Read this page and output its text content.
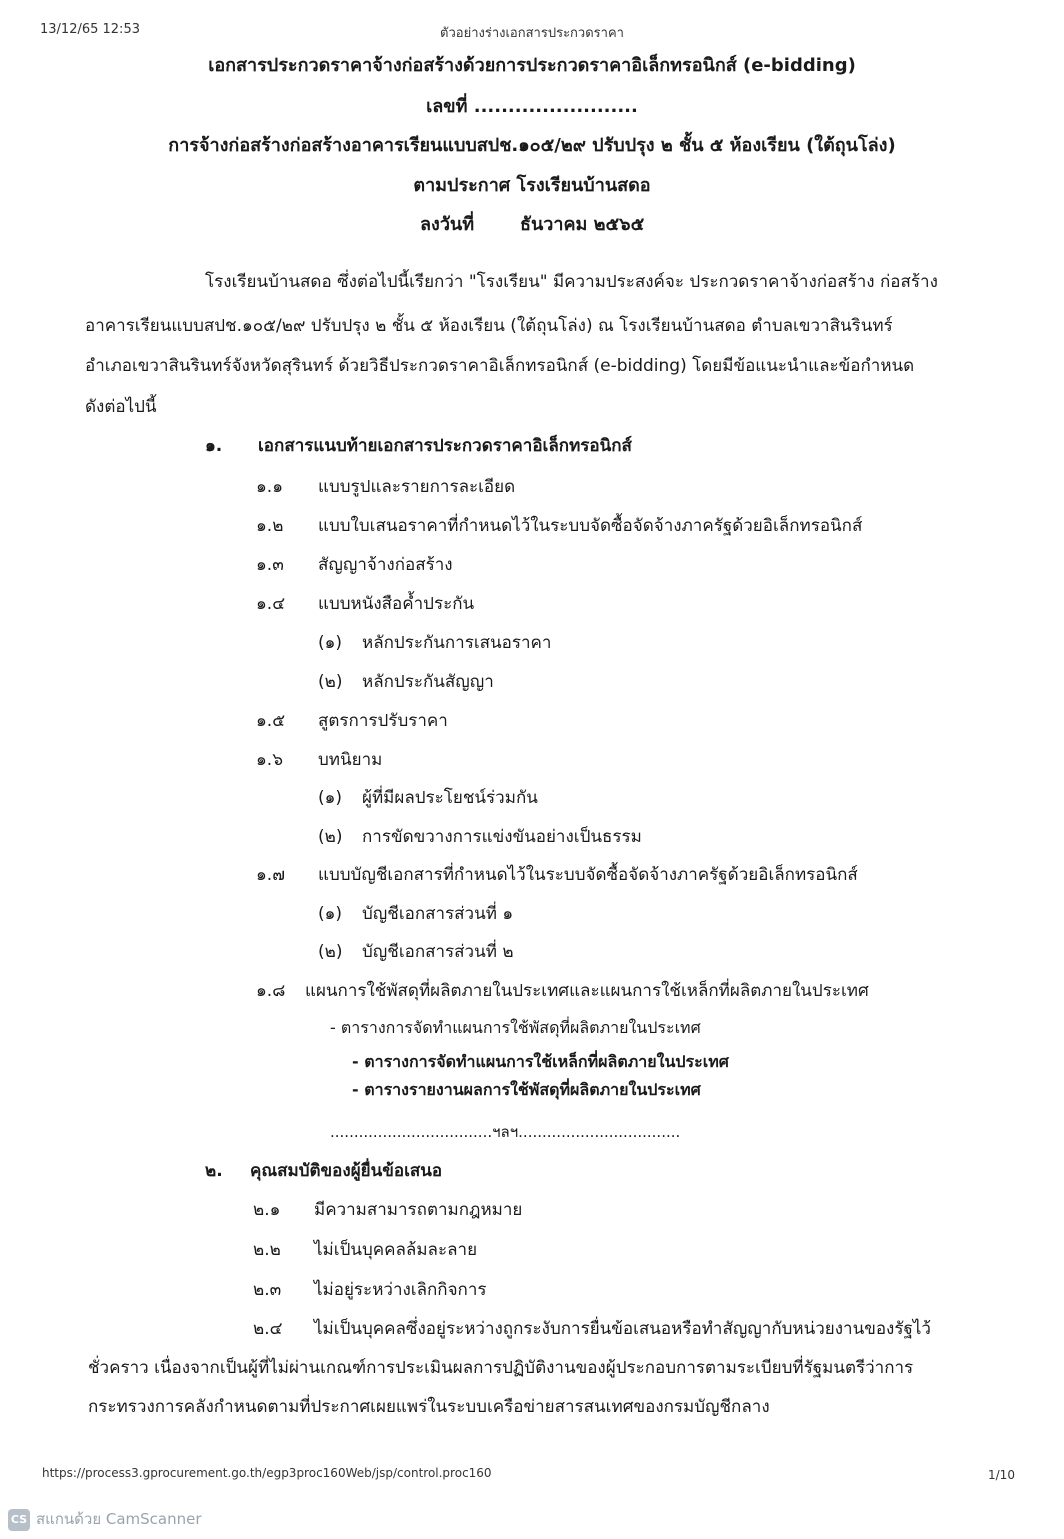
13/12/65 12:53	ตัวอย่างร่างเอกสารประกวดราคา
เอกสารประกวดราคาจ้างก่อสร้างด้วยการประกวดราคาอิเล็กทรอนิกส์ (e-bidding)
เลขที่ ........................
การจ้างก่อสร้างก่อสร้างอาคารเรียนแบบสปช.๑๐๕/๒๙ ปรับปรุง ๒ ชั้น ๕ ห้องเรียน (ใต้ถุนโล่ง)
ตามประกาศ โรงเรียนบ้านสดอ
ลงวันที่	ธันวาคม ๒๕๖๕
โรงเรียนบ้านสดอ ซึ่งต่อไปนี้เรียกว่า "โรงเรียน" มีความประสงค์จะ ประกวดราคาจ้างก่อสร้าง ก่อสร้าง
อาคารเรียนแบบสปช.๑๐๕/๒๙ ปรับปรุง ๒ ชั้น ๕ ห้องเรียน (ใต้ถุนโล่ง) ณ โรงเรียนบ้านสดอ ตำบลเขวาสินรินทร์
อำเภอเขวาสินรินทร์จังหวัดสุรินทร์ ด้วยวิธีประกวดราคาอิเล็กทรอนิกส์ (e-bidding) โดยมีข้อแนะนำและข้อกำหนด
ดังต่อไปนี้
๑. เอกสารแนบท้ายเอกสารประกวดราคาอิเล็กทรอนิกส์
๑.๑ แบบรูปและรายการละเอียด
๑.๒ แบบใบเสนอราคาที่กำหนดไว้ในระบบจัดซื้อจัดจ้างภาครัฐด้วยอิเล็กทรอนิกส์
๑.๓ สัญญาจ้างก่อสร้าง
๑.๔ แบบหนังสือค้ำประกัน
(๑) หลักประกันการเสนอราคา
(๒) หลักประกันสัญญา
๑.๕ สูตรการปรับราคา
๑.๖ บทนิยาม
(๑) ผู้ที่มีผลประโยชน์ร่วมกัน
(๒) การขัดขวางการแข่งขันอย่างเป็นธรรม
๑.๗ แบบบัญชีเอกสารที่กำหนดไว้ในระบบจัดซื้อจัดจ้างภาครัฐด้วยอิเล็กทรอนิกส์
(๑) บัญชีเอกสารส่วนที่ ๑
(๒) บัญชีเอกสารส่วนที่ ๒
๑.๘ แผนการใช้พัสดุที่ผลิตภายในประเทศและแผนการใช้เหล็กที่ผลิตภายในประเทศ
- ตารางการจัดทำแผนการใช้พัสดุที่ผลิตภายในประเทศ
- ตารางการจัดทำแผนการใช้เหล็กที่ผลิตภายในประเทศ
- ตารางรายงานผลการใช้พัสดุที่ผลิตภายในประเทศ
..................................ฯลฯ..................................
๒. คุณสมบัติของผู้ยื่นข้อเสนอ
๒.๑ มีความสามารถตามกฎหมาย
๒.๒ ไม่เป็นบุคคลล้มละลาย
๒.๓ ไม่อยู่ระหว่างเลิกกิจการ
๒.๔ ไม่เป็นบุคคลซึ่งอยู่ระหว่างถูกระงับการยื่นข้อเสนอหรือทำสัญญากับหน่วยงานของรัฐไว้
ชั่วคราว เนื่องจากเป็นผู้ที่ไม่ผ่านเกณฑ์การประเมินผลการปฏิบัติงานของผู้ประกอบการตามระเบียบที่รัฐมนตรีว่าการ
กระทรวงการคลังกำหนดตามที่ประกาศเผยแพร่ในระบบเครือข่ายสารสนเทศของกรมบัญชีกลาง
https://process3.gprocurement.go.th/egp3proc160Web/jsp/control.proc160	1/10
CS สแกนด้วย CamScanner
